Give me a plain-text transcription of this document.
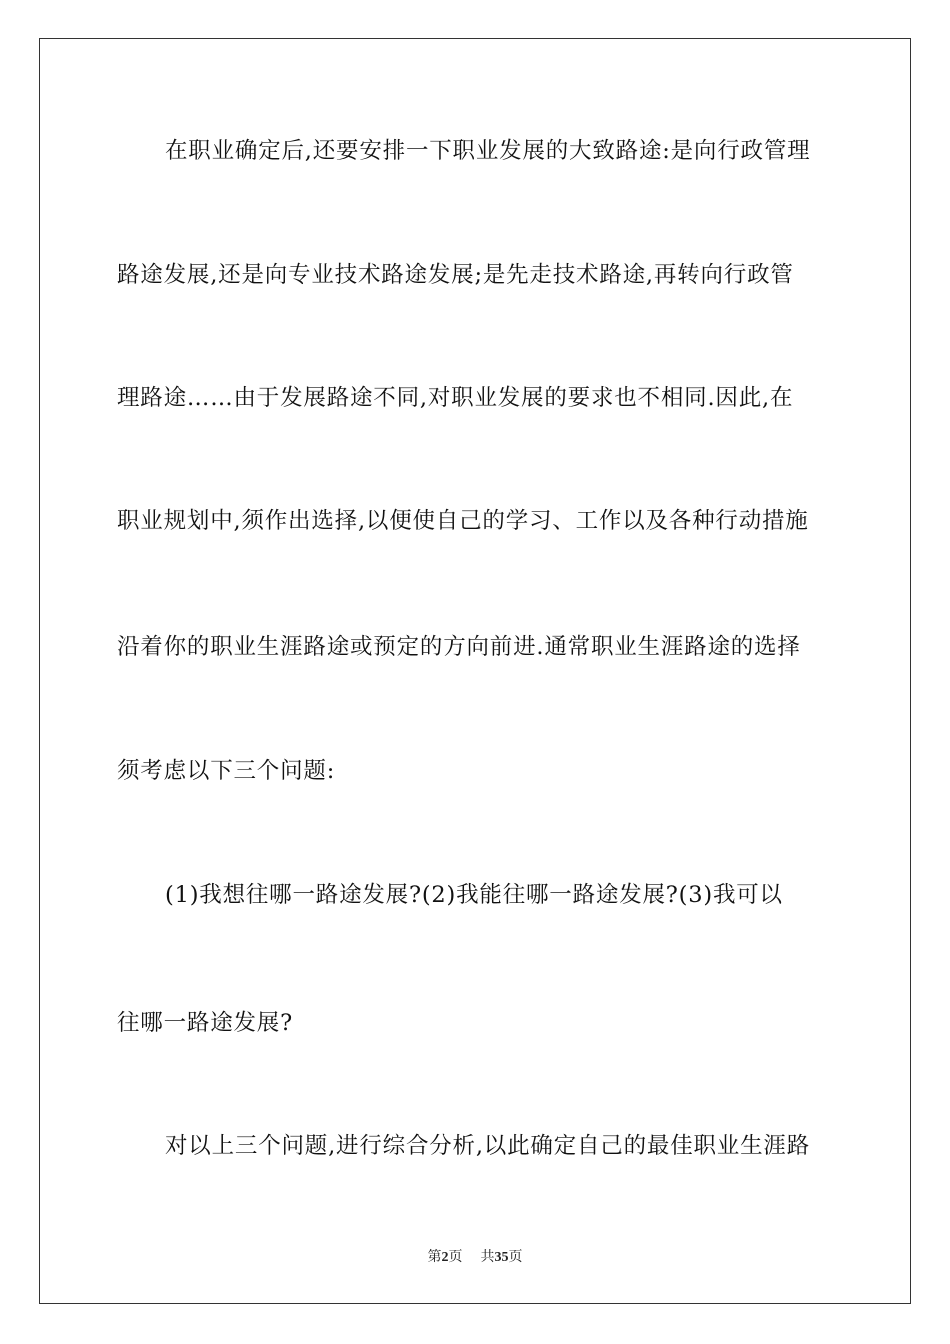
在职业确定后,还要安排一下职业发展的大致路途:是向行政管理
路途发展,还是向专业技术路途发展;是先走技术路途,再转向行政管
理路途……由于发展路途不同,对职业发展的要求也不相同.因此,在
职业规划中,须作出选择,以便使自己的学习、工作以及各种行动措施
沿着你的职业生涯路途或预定的方向前进.通常职业生涯路途的选择
须考虑以下三个问题:
(1)我想往哪一路途发展?(2)我能往哪一路途发展?(3)我可以
往哪一路途发展?
对以上三个问题,进行综合分析,以此确定自己的最佳职业生涯路
第2页 共35页
